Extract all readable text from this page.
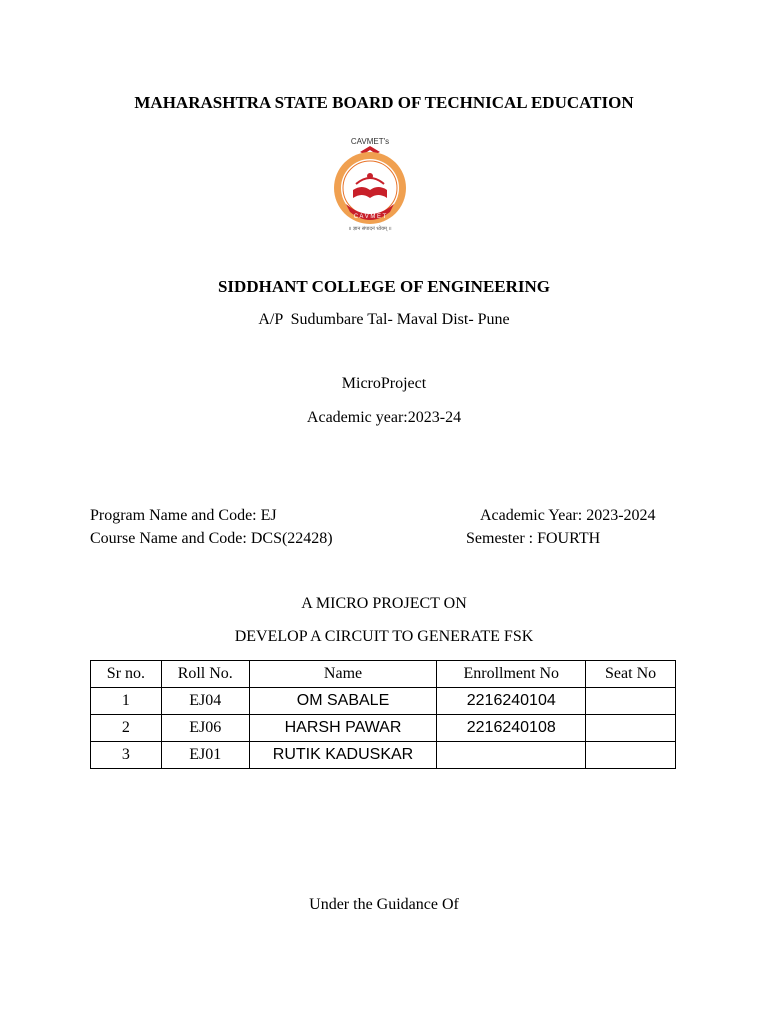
MAHARASHTRA STATE BOARD OF TECHNICAL EDUCATION
CAVMET's
C A V M E T
॥ ज्ञान संपादनं ध्येयम् ॥
SIDDHANT COLLEGE OF ENGINEERING
A/P  Sudumbare Tal- Maval Dist- Pune
MicroProject
Academic year:2023-24
Program Name and Code: EJ
Course Name and Code: DCS(22428)
Academic Year: 2023-2024
Semester : FOURTH
A MICRO PROJECT ON
DEVELOP A CIRCUIT TO GENERATE FSK
Sr no.	Roll No.	Name	Enrollment No	Seat No
1	EJ04	OM SABALE	2216240104	
2	EJ06	HARSH PAWAR	2216240108	
3	EJ01	RUTIK KADUSKAR		
Under the Guidance Of
